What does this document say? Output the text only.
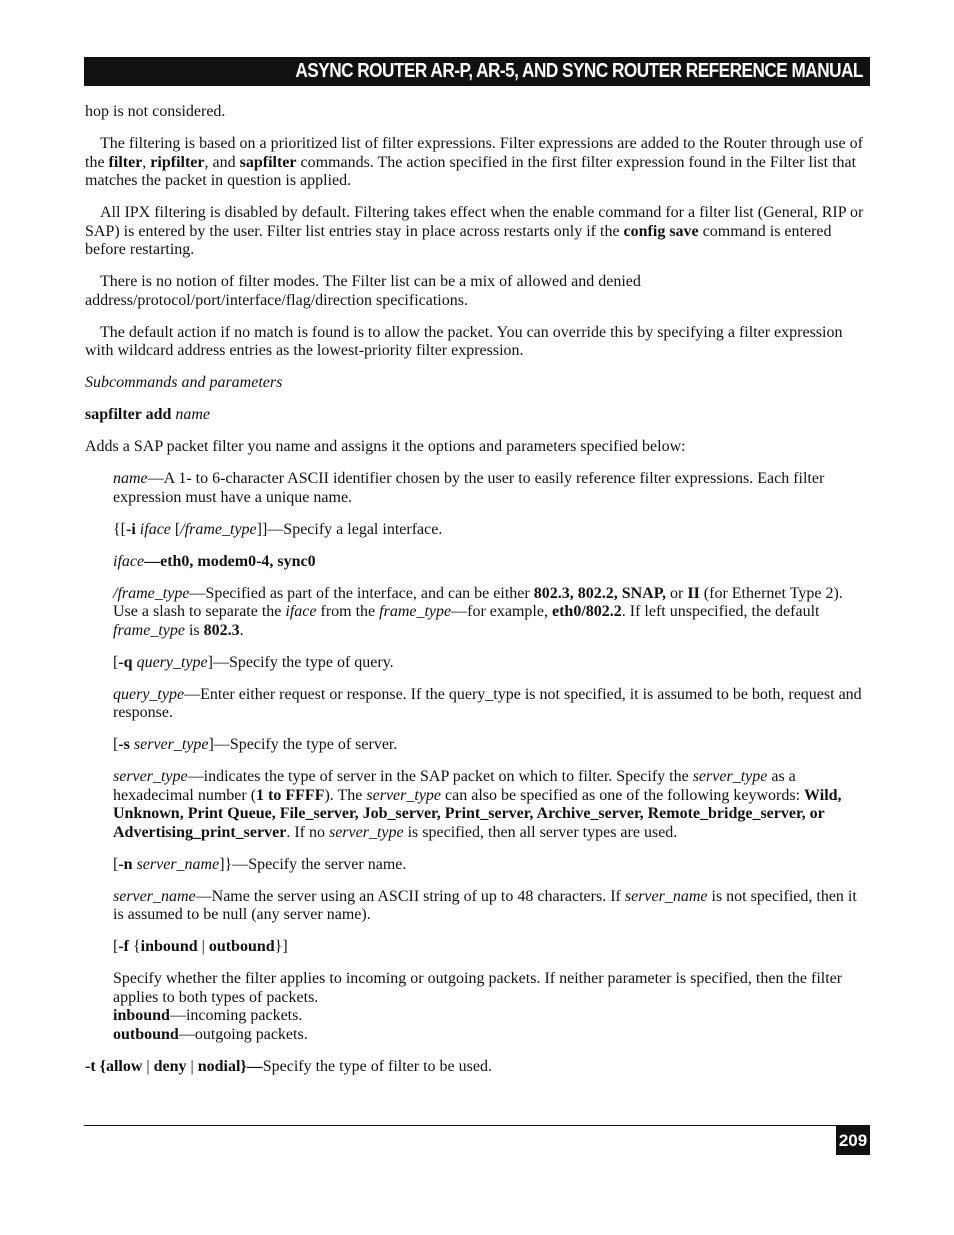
ASYNC ROUTER AR-P, AR-5, AND SYNC ROUTER REFERENCE MANUAL

hop is not considered.

The filtering is based on a prioritized list of filter expressions. Filter expressions are added to the Router through use of the filter, ripfilter, and sapfilter commands. The action specified in the first filter expression found in the Filter list that matches the packet in question is applied.

All IPX filtering is disabled by default. Filtering takes effect when the enable command for a filter list (General, RIP or SAP) is entered by the user. Filter list entries stay in place across restarts only if the config save command is entered before restarting.

There is no notion of filter modes. The Filter list can be a mix of allowed and denied address/protocol/port/interface/flag/direction specifications.

The default action if no match is found is to allow the packet. You can override this by specifying a filter expression with wildcard address entries as the lowest-priority filter expression.

Subcommands and parameters

sapfilter add name

Adds a SAP packet filter you name and assigns it the options and parameters specified below:

name—A 1- to 6-character ASCII identifier chosen by the user to easily reference filter expressions. Each filter expression must have a unique name.

{[-i iface [/frame_type]]—Specify a legal interface.

iface—eth0, modem0-4, sync0

/frame_type—Specified as part of the interface, and can be either 802.3, 802.2, SNAP, or II (for Ethernet Type 2). Use a slash to separate the iface from the frame_type—for example, eth0/802.2. If left unspecified, the default frame_type is 802.3.

[-q query_type]—Specify the type of query.

query_type—Enter either request or response. If the query_type is not specified, it is assumed to be both, request and response.

[-s server_type]—Specify the type of server.

server_type—indicates the type of server in the SAP packet on which to filter. Specify the server_type as a hexadecimal number (1 to FFFF). The server_type can also be specified as one of the following keywords: Wild, Unknown, Print Queue, File_server, Job_server, Print_server, Archive_server, Remote_bridge_server, or Advertising_print_server. If no server_type is specified, then all server types are used.

[-n server_name]}—Specify the server name.

server_name—Name the server using an ASCII string of up to 48 characters. If server_name is not specified, then it is assumed to be null (any server name).

[-f {inbound | outbound}]

Specify whether the filter applies to incoming or outgoing packets. If neither parameter is specified, then the filter applies to both types of packets.

inbound—incoming packets.

outbound—outgoing packets.

-t {allow | deny | nodial}—Specify the type of filter to be used.

209
